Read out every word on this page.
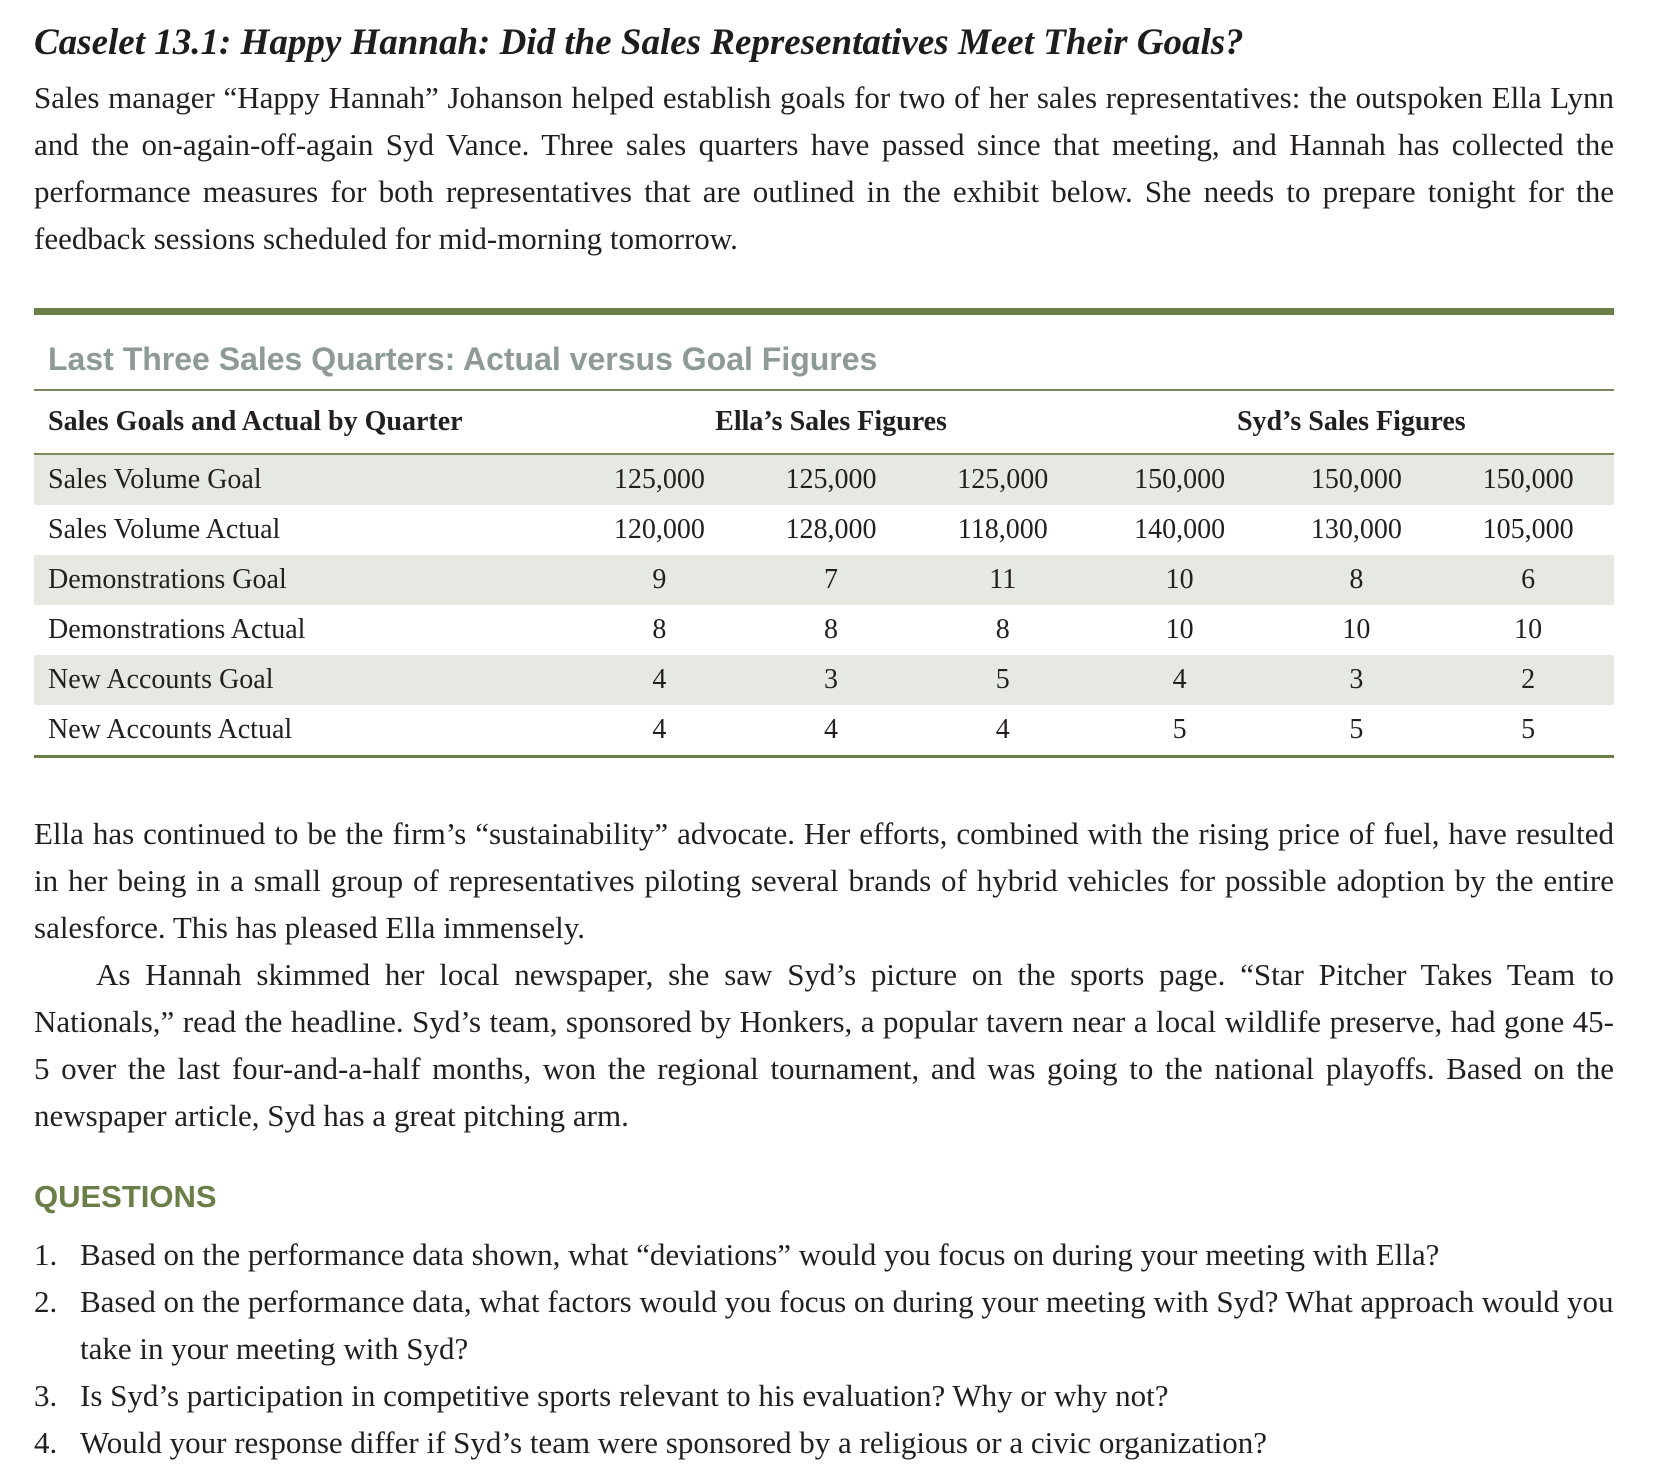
Caselet 13.1: Happy Hannah: Did the Sales Representatives Meet Their Goals?

Sales manager “Happy Hannah” Johanson helped establish goals for two of her sales representatives: the outspoken Ella Lynn and the on-again-off-again Syd Vance. Three sales quarters have passed since that meeting, and Hannah has collected the performance measures for both representatives that are outlined in the exhibit below. She needs to prepare tonight for the feedback sessions scheduled for mid-morning tomorrow.

Last Three Sales Quarters: Actual versus Goal Figures
Sales Goals and Actual by Quarter	Ella’s Sales Figures			Syd’s Sales Figures		
Sales Volume Goal	125,000	125,000	125,000	150,000	150,000	150,000
Sales Volume Actual	120,000	128,000	118,000	140,000	130,000	105,000
Demonstrations Goal	9	7	11	10	8	6
Demonstrations Actual	8	8	8	10	10	10
New Accounts Goal	4	3	5	4	3	2
New Accounts Actual	4	4	4	5	5	5

Ella has continued to be the firm’s “sustainability” advocate. Her efforts, combined with the rising price of fuel, have resulted in her being in a small group of representatives piloting several brands of hybrid vehicles for possible adoption by the entire salesforce. This has pleased Ella immensely.

As Hannah skimmed her local newspaper, she saw Syd’s picture on the sports page. “Star Pitcher Takes Team to Nationals,” read the headline. Syd’s team, sponsored by Honkers, a popular tavern near a local wildlife preserve, had gone 45-5 over the last four-and-a-half months, won the regional tournament, and was going to the national playoffs. Based on the newspaper article, Syd has a great pitching arm.

QUESTIONS
1. Based on the performance data shown, what “deviations” would you focus on during your meeting with Ella?
2. Based on the performance data, what factors would you focus on during your meeting with Syd? What approach would you take in your meeting with Syd?
3. Is Syd’s participation in competitive sports relevant to his evaluation? Why or why not?
4. Would your response differ if Syd’s team were sponsored by a religious or a civic organization?
